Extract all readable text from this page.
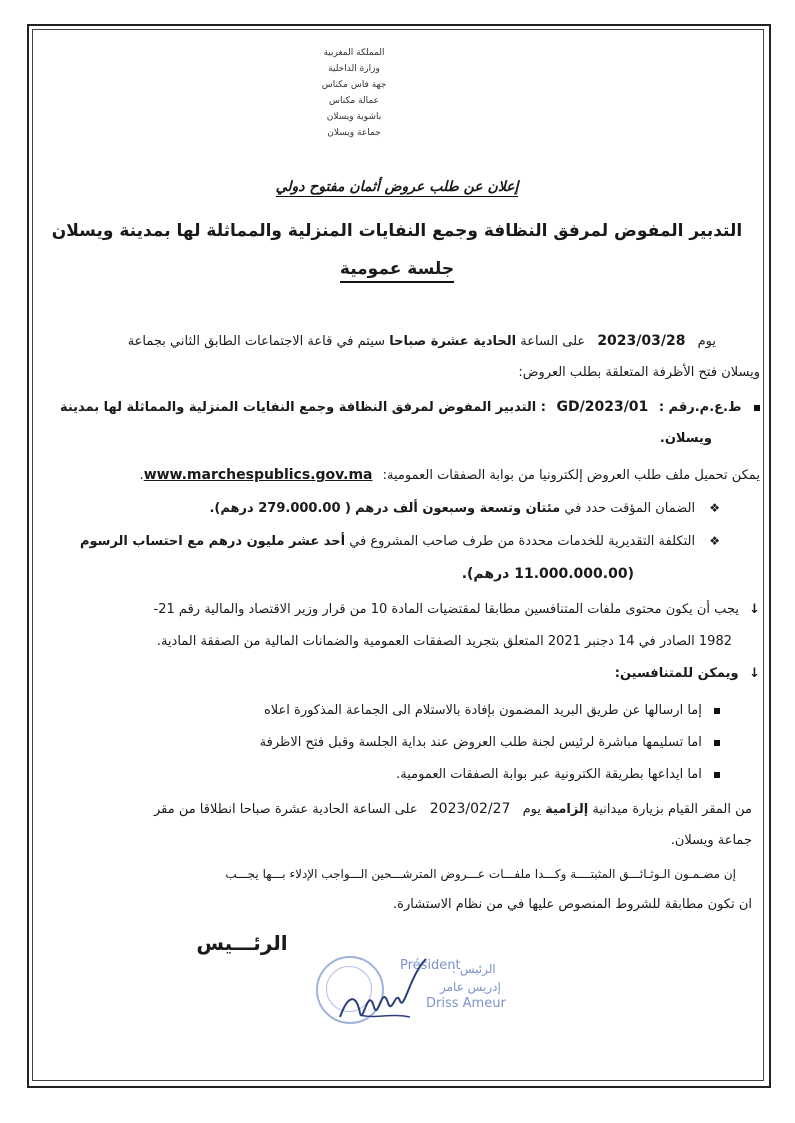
المملكة المغربية
وزارة الداخلية
جهة فاس مكناس
عمالة مكناس
باشوية ويسلان
جماعة ويسلان
إعلان عن طلب عروض أثمان مفتوح دولي
التدبير المفوض لمرفق النظافة وجمع النفايات المنزلية والمماثلة لها بمدينة ويسلان
جلسة عمومية
يوم 2023/03/28 على الساعة الحادية عشرة صباحا سيتم في قاعة الاجتماعات الطابق الثاني بجماعة
ويسلان فتح الأظرفة المتعلقة بطلب العروض:
ط.ع.م.رقم : GD/2023/01 : التدبير المفوض لمرفق النظافة وجمع النفايات المنزلية والمماثلة لها بمدينة
ويسلان.
يمكن تحميل ملف طلب العروض إلكترونيا من بوابة الصفقات العمومية: www.marchespublics.gov.ma.
❖ الضمان المؤقت حدد في مئتان وتسعة وسبعون ألف درهم ( 279.000.00 درهم).
❖ التكلفة التقديرية للخدمات محددة من طرف صاحب المشروع في أحد عشر مليون درهم مع احتساب الرسوم
(11.000.000.00 درهم).
↓ يجب أن يكون محتوى ملفات المتنافسين مطابقا لمقتضيات المادة 10 من قرار وزير الاقتصاد والمالية رقم 21-
1982 الصادر في 14 دجنبر 2021 المتعلق بتجريد الصفقات العمومية والضمانات المالية من الصفقة المادية.
↓ ويمكن للمتنافسين:
إما ارسالها عن طريق البريد المضمون بإفادة بالاستلام الى الجماعة المذكورة اعلاه
اما تسليمها مباشرة لرئيس لجنة طلب العروض عند بداية الجلسة وقبل فتح الاظرفة
اما ايداعها بطريقة الكترونية عبر بوابة الصفقات العمومية.
من المقر القيام بزيارة ميدانية إلزامية يوم 2023/02/27 على الساعة الحادية عشرة صباحا انطلاقا من مقر
جماعة ويسلان.
إن مضـمـون الـوثـائـــق المثبتــــة وكـــدا ملفـــات عـــروض المترشـــحين الـــواجب الإدلاء بـــها يجـــب
ان تكون مطابقة للشروط المنصوص عليها في من نظام الاستشارة.
الرئـــيس
الرئيس :
إدريس عامر
Président
Driss Ameur
